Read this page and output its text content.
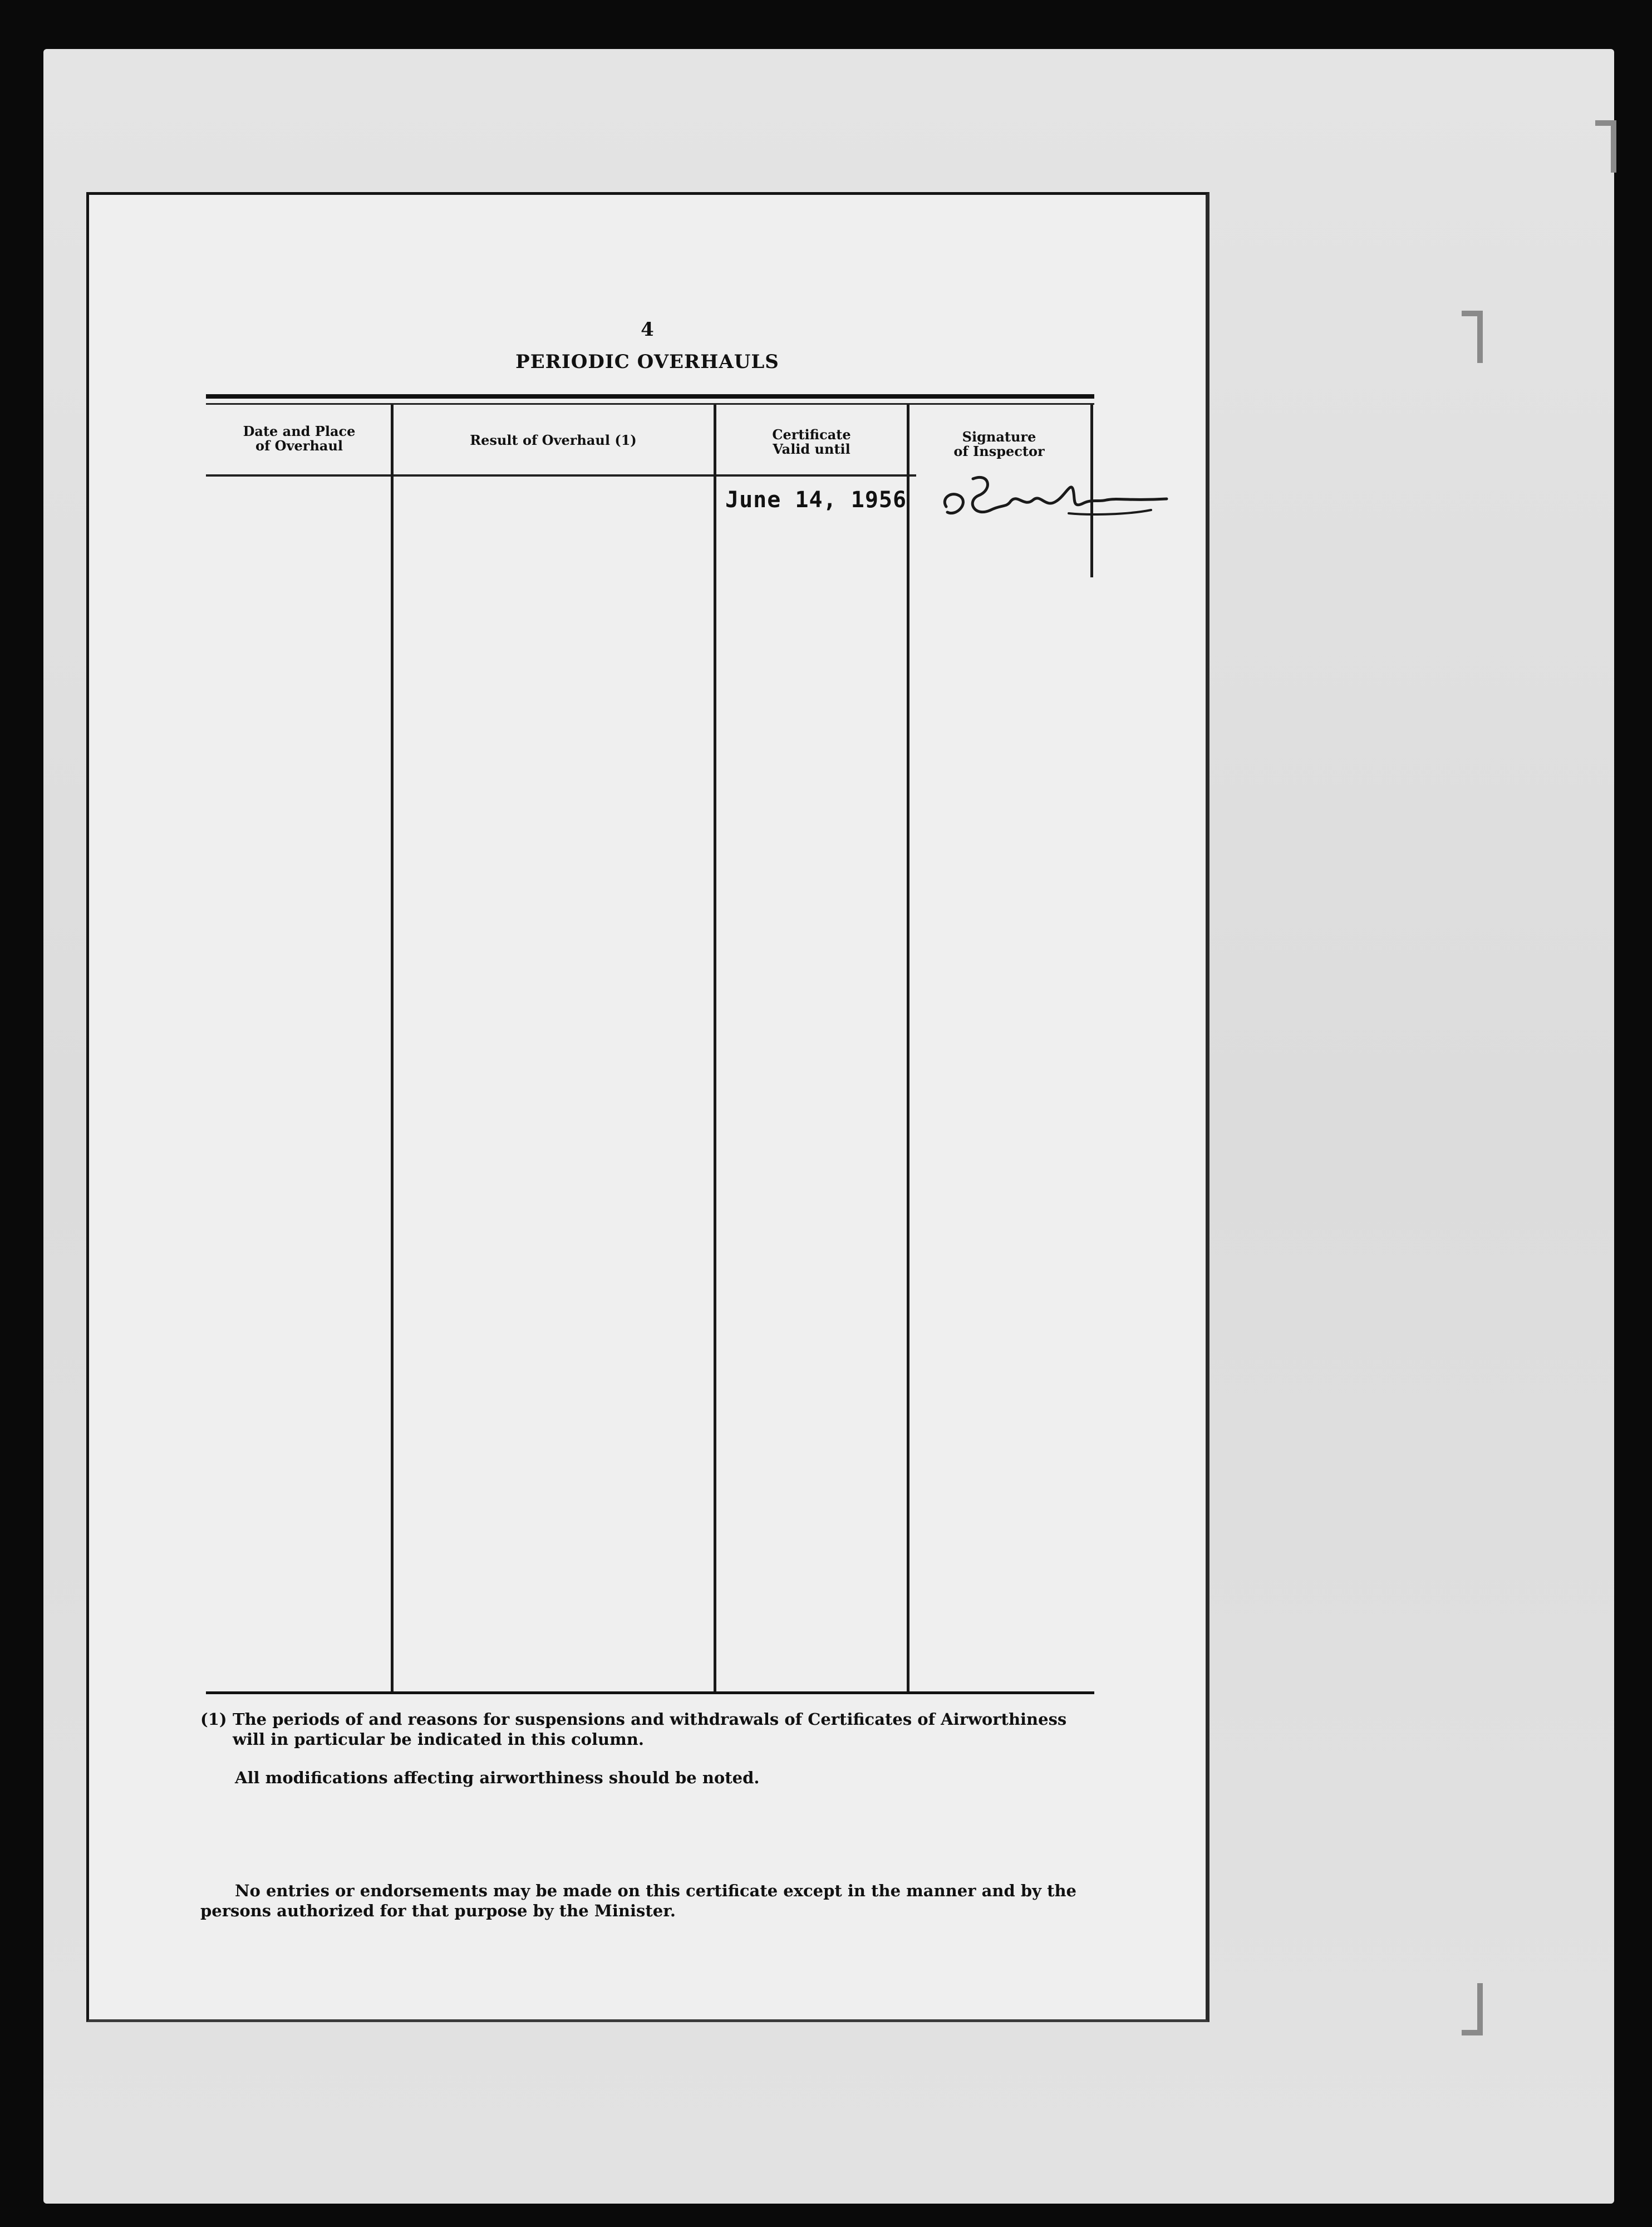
4
PERIODIC OVERHAULS
Date and Place
of Overhaul	Result of Overhaul (1)	Certificate
Valid until
Signature
of Inspector
June 14, 1956
(1) The periods of and reasons for suspensions and withdrawals of Certificates of Airworthiness will in particular be indicated in this column.
All modifications affecting airworthiness should be noted.
No entries or endorsements may be made on this certificate except in the manner and by the persons authorized for that purpose by the Minister.
